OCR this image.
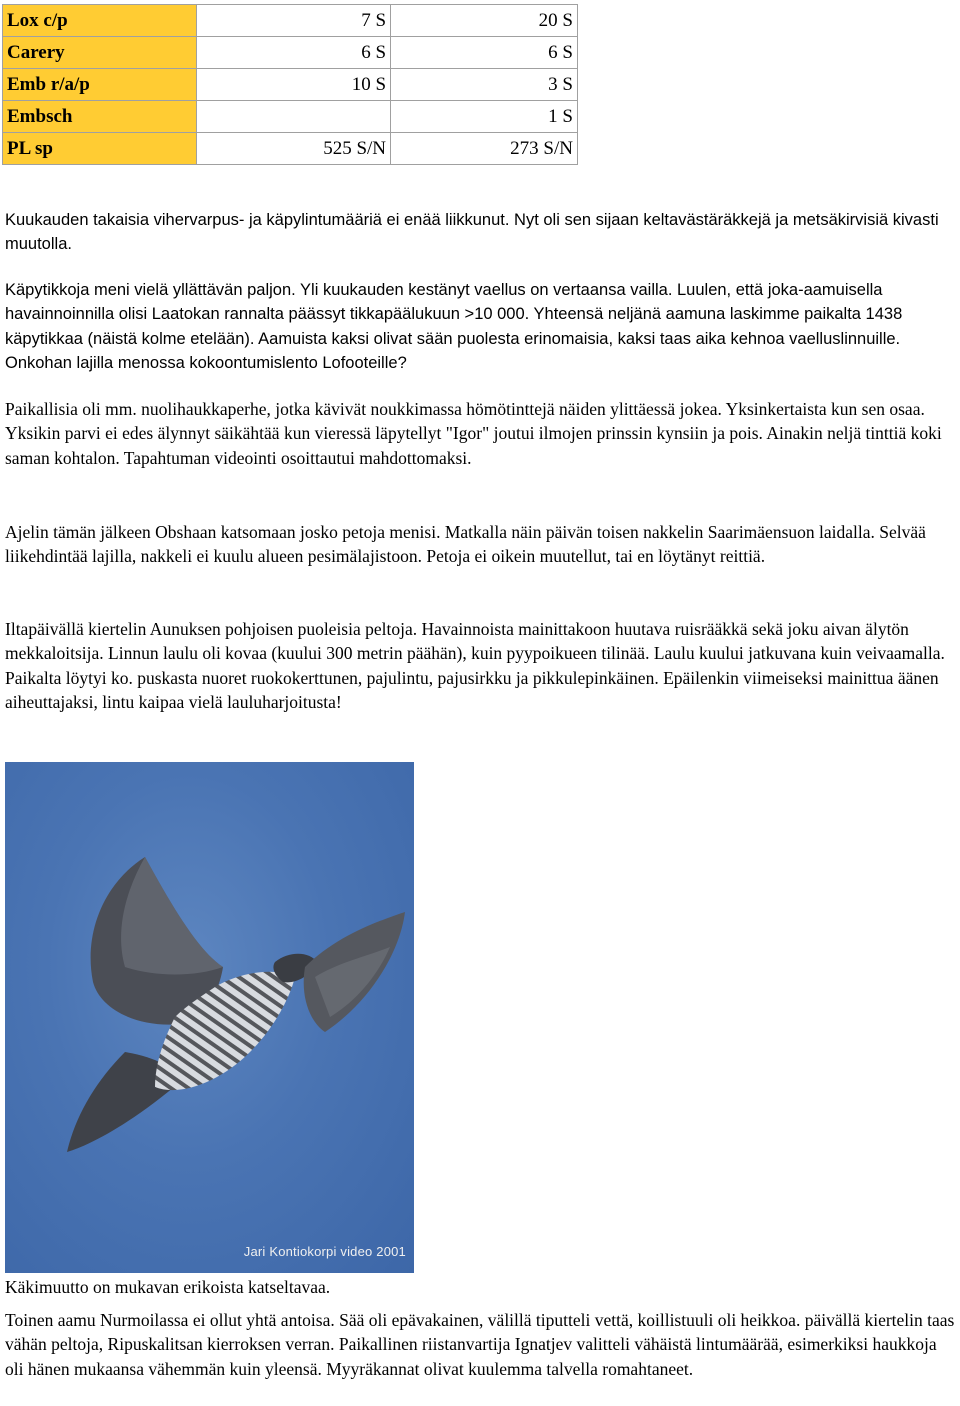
Lox c/p	7 S	20 S
Carery	6 S	6 S
Emb r/a/p	10 S	3 S
Embsch		1 S
PL sp	525 S/N	273 S/N

Kuukauden takaisia vihervarpus- ja käpylintumääriä ei enää liikkunut. Nyt oli sen sijaan keltavästäräkkejä ja metsäkirvisiä kivasti muutolla.

Käpytikkoja meni vielä yllättävän paljon. Yli kuukauden kestänyt vaellus on vertaansa vailla. Luulen, että joka-aamuisella havainnoinnilla olisi Laatokan rannalta päässyt tikkapäälukuun >10 000. Yhteensä neljänä aamuna laskimme paikalta 1438 käpytikkaa (näistä kolme etelään). Aamuista kaksi olivat sään puolesta erinomaisia, kaksi taas aika kehnoa vaelluslinnuille. Onkohan lajilla menossa kokoontumislento Lofooteille?

Paikallisia oli mm. nuolihaukkaperhe, jotka kävivät noukkimassa hömötinttejä näiden ylittäessä jokea. Yksinkertaista kun sen osaa. Yksikin parvi ei edes älynnyt säikähtää kun vieressä läpytellyt "Igor" joutui ilmojen prinssin kynsiin ja pois. Ainakin neljä tinttiä koki saman kohtalon. Tapahtuman videointi osoittautui mahdottomaksi.

Ajelin tämän jälkeen Obshaan katsomaan josko petoja menisi. Matkalla näin päivän toisen nakkelin Saarimäensuon laidalla. Selvää liikehdintää lajilla, nakkeli ei kuulu alueen pesimälajistoon. Petoja ei oikein muutellut, tai en löytänyt reittiä.

Iltapäivällä kiertelin Aunuksen pohjoisen puoleisia peltoja. Havainnoista mainittakoon huutava ruisrääkkä sekä joku aivan älytön mekkaloitsija. Linnun laulu oli kovaa (kuului 300 metrin päähän), kuin pyypoikueen tilinää. Laulu kuului jatkuvana kuin veivaamalla. Paikalta löytyi ko. puskasta nuoret ruokokerttunen, pajulintu, pajusirkku ja pikkulepinkäinen. Epäilenkin viimeiseksi mainittua äänen aiheuttajaksi, lintu kaipaa vielä lauluharjoitusta!

Jari Kontiokorpi video 2001

Käkimuutto on mukavan erikoista katseltavaa.

Toinen aamu Nurmoilassa ei ollut yhtä antoisa. Sää oli epävakainen, välillä tiputteli vettä, koillistuuli oli heikkoa. päivällä kiertelin taas vähän peltoja, Ripuskalitsan kierroksen verran. Paikallinen riistanvartija Ignatjev valitteli vähäistä lintumäärää, esimerkiksi haukkoja oli hänen mukaansa vähemmän kuin yleensä. Myyräkannat olivat kuulemma talvella romahtaneet.
